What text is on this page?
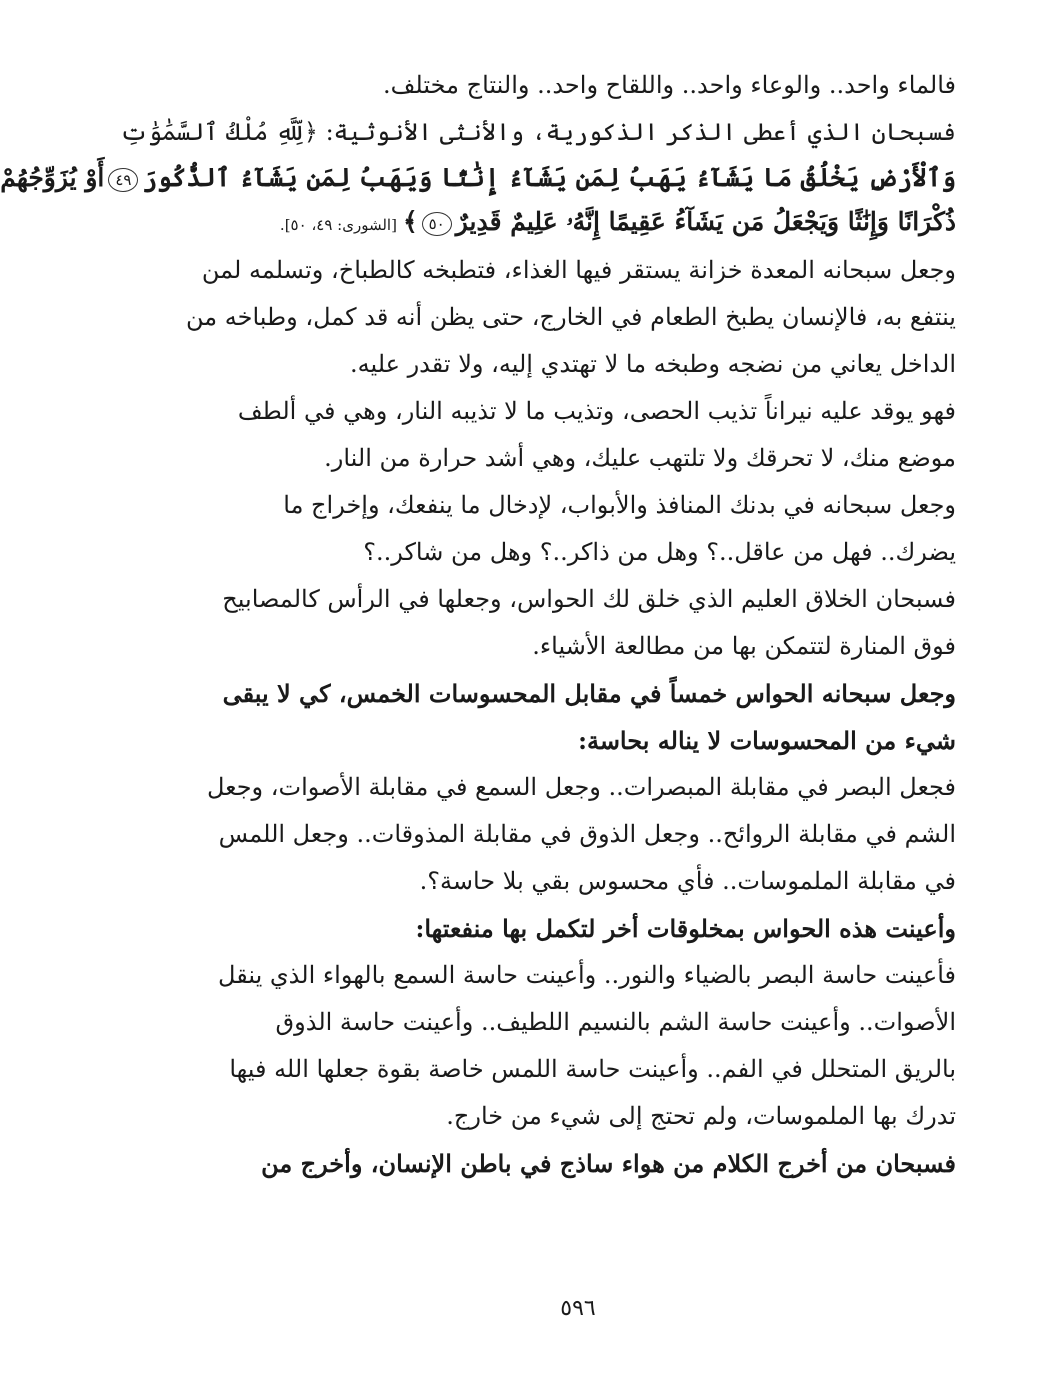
فالماء واحد.. والوعاء واحد.. واللقاح واحد.. والنتاج مختلف.

فسبحان الذي أعطى الذكر الذكورية، والأنثى الأنوثية: ﴿لِّلَّهِ مُلْكُ ٱلسَّمَٰوَٰتِ

وَٱلْأَرْضِ يَخْلُقُ مَا يَشَآءُ يَهَبُ لِمَن يَشَآءُ إِنَٰثًا وَيَهَبُ لِمَن يَشَآءُ ٱلذُّكُورَ٤٩أَوْ يُزَوِّجُهُمْ

ذُكْرَانًا وَإِنَٰثًا وَيَجْعَلُ مَن يَشَآءُ عَقِيمًا إِنَّهُۥ عَلِيمٌ قَدِيرٌ٥٠﴾[الشورى: ٤٩، ٥٠].

وجعل سبحانه المعدة خزانة يستقر فيها الغذاء، فتطبخه كالطباخ، وتسلمه لمن

ينتفع به، فالإنسان يطبخ الطعام في الخارج، حتى يظن أنه قد كمل، وطباخه من

الداخل يعاني من نضجه وطبخه ما لا تهتدي إليه، ولا تقدر عليه.

فهو يوقد عليه نيراناً تذيب الحصى، وتذيب ما لا تذيبه النار، وهي في ألطف

موضع منك، لا تحرقك ولا تلتهب عليك، وهي أشد حرارة من النار.

وجعل سبحانه في بدنك المنافذ والأبواب، لإدخال ما ينفعك، وإخراج ما

يضرك.. فهل من عاقل..؟ وهل من ذاكر..؟ وهل من شاكر..؟

فسبحان الخلاق العليم الذي خلق لك الحواس، وجعلها في الرأس كالمصابيح

فوق المنارة لتتمكن بها من مطالعة الأشياء.

وجعل سبحانه الحواس خمساً في مقابل المحسوسات الخمس، كي لا يبقى

شيء من المحسوسات لا يناله بحاسة:

فجعل البصر في مقابلة المبصرات.. وجعل السمع في مقابلة الأصوات، وجعل

الشم في مقابلة الروائح.. وجعل الذوق في مقابلة المذوقات.. وجعل اللمس

في مقابلة الملموسات.. فأي محسوس بقي بلا حاسة؟.

وأعينت هذه الحواس بمخلوقات أخر لتكمل بها منفعتها:

فأعينت حاسة البصر بالضياء والنور.. وأعينت حاسة السمع بالهواء الذي ينقل

الأصوات.. وأعينت حاسة الشم بالنسيم اللطيف.. وأعينت حاسة الذوق

بالريق المتحلل في الفم.. وأعينت حاسة اللمس خاصة بقوة جعلها الله فيها

تدرك بها الملموسات، ولم تحتج إلى شيء من خارج.

فسبحان من أخرج الكلام من هواء ساذج في باطن الإنسان، وأخرج من

٥٩٦
